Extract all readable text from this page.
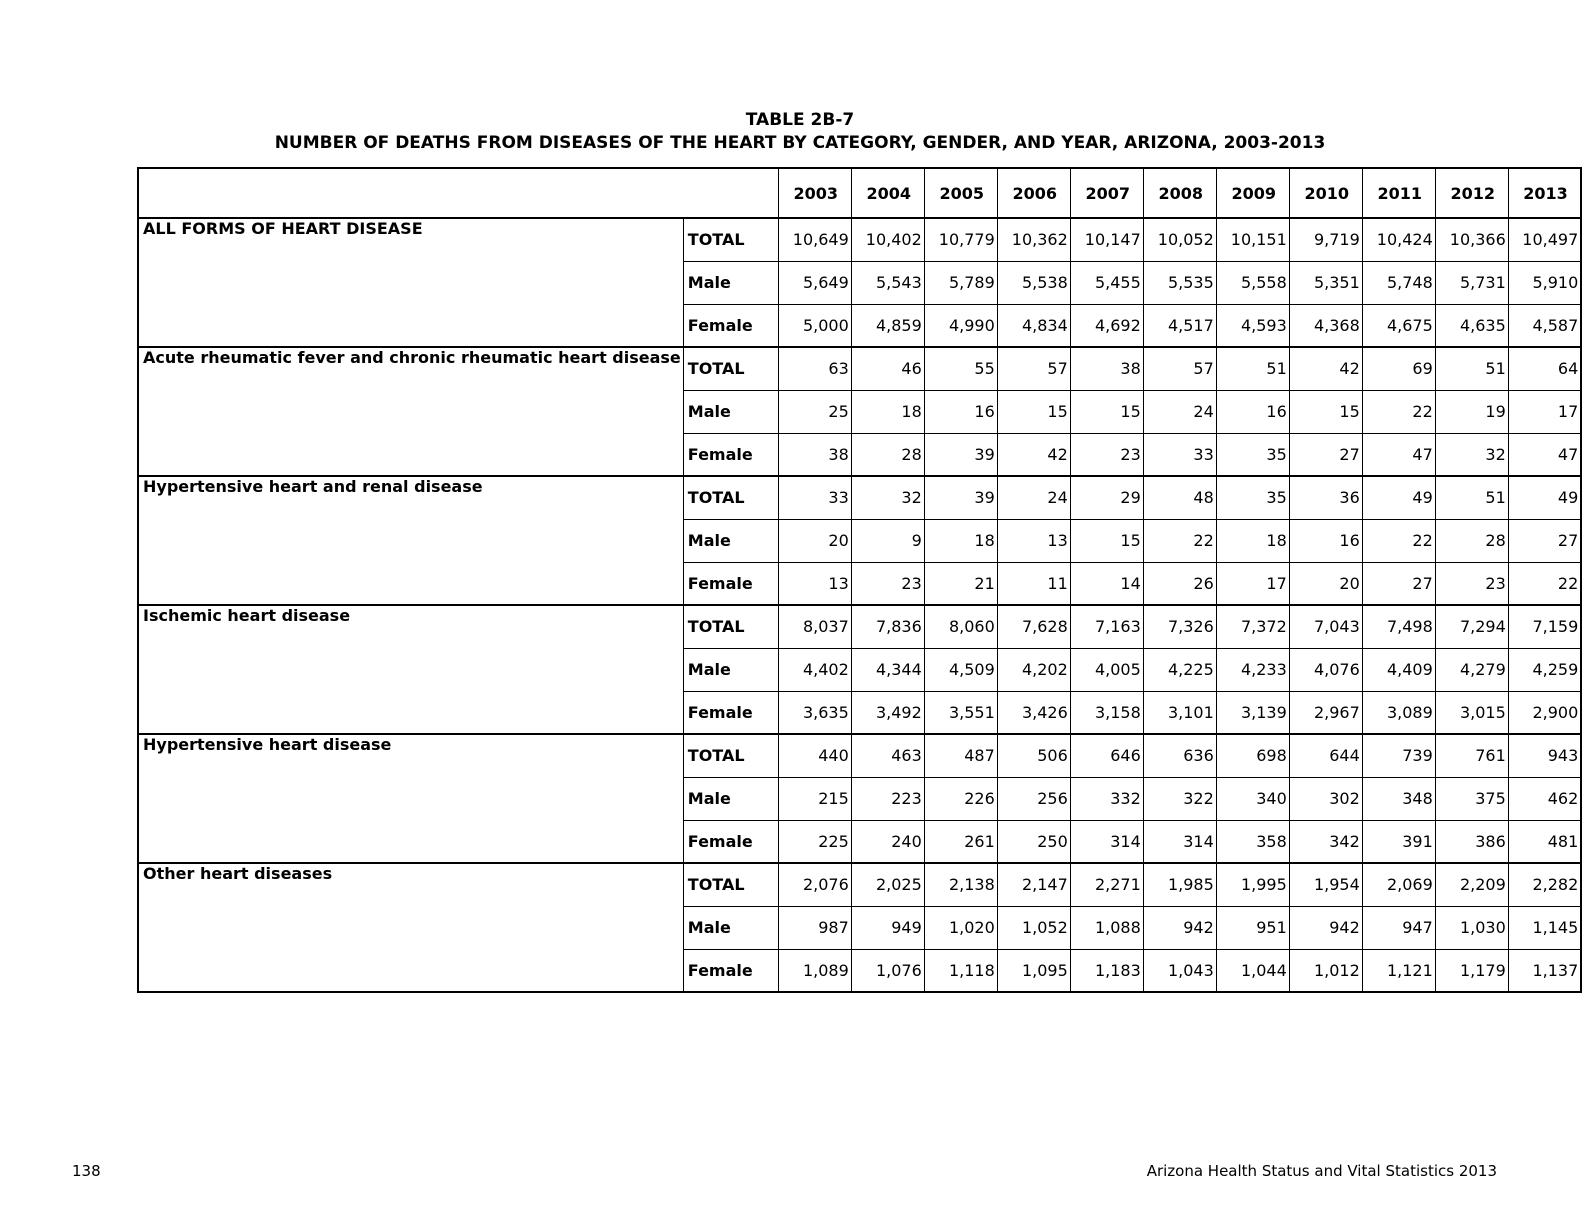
TABLE 2B-7
NUMBER OF DEATHS FROM DISEASES OF THE HEART BY CATEGORY, GENDER, AND YEAR, ARIZONA, 2003-2013
		2003	2004	2005	2006	2007	2008	2009	2010	2011	2012	2013
ALL FORMS OF HEART DISEASE	TOTAL	10,649	10,402	10,779	10,362	10,147	10,052	10,151	9,719	10,424	10,366	10,497
	Male	5,649	5,543	5,789	5,538	5,455	5,535	5,558	5,351	5,748	5,731	5,910
	Female	5,000	4,859	4,990	4,834	4,692	4,517	4,593	4,368	4,675	4,635	4,587
Acute rheumatic fever and chronic rheumatic heart disease	TOTAL	63	46	55	57	38	57	51	42	69	51	64
	Male	25	18	16	15	15	24	16	15	22	19	17
	Female	38	28	39	42	23	33	35	27	47	32	47
Hypertensive heart and renal disease	TOTAL	33	32	39	24	29	48	35	36	49	51	49
	Male	20	9	18	13	15	22	18	16	22	28	27
	Female	13	23	21	11	14	26	17	20	27	23	22
Ischemic heart disease	TOTAL	8,037	7,836	8,060	7,628	7,163	7,326	7,372	7,043	7,498	7,294	7,159
	Male	4,402	4,344	4,509	4,202	4,005	4,225	4,233	4,076	4,409	4,279	4,259
	Female	3,635	3,492	3,551	3,426	3,158	3,101	3,139	2,967	3,089	3,015	2,900
Hypertensive heart disease	TOTAL	440	463	487	506	646	636	698	644	739	761	943
	Male	215	223	226	256	332	322	340	302	348	375	462
	Female	225	240	261	250	314	314	358	342	391	386	481
Other heart diseases	TOTAL	2,076	2,025	2,138	2,147	2,271	1,985	1,995	1,954	2,069	2,209	2,282
	Male	987	949	1,020	1,052	1,088	942	951	942	947	1,030	1,145
	Female	1,089	1,076	1,118	1,095	1,183	1,043	1,044	1,012	1,121	1,179	1,137
138	Arizona Health Status and Vital Statistics 2013
